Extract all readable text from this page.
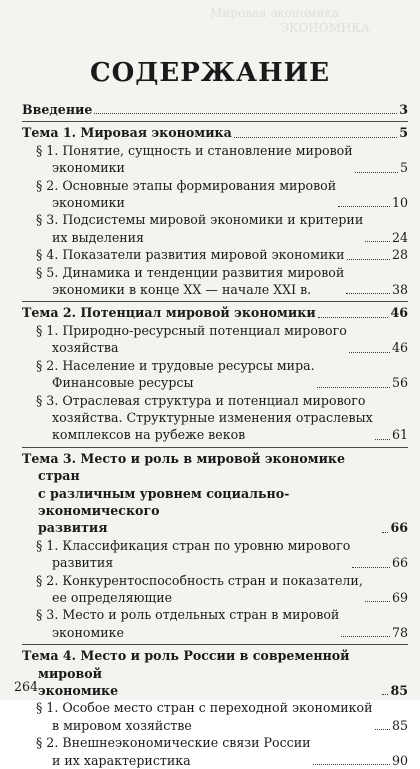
Мировая экономика
ЭКОНОМИКА
СОДЕРЖАНИЕ
Введение	3
Тема 1. Мировая экономика	5
§ 1. Понятие, сущность и становление мировой
экономики	5
§ 2. Основные этапы формирования мировой
экономики	10
§ 3. Подсистемы мировой экономики и критерии
их выделения	24
§ 4. Показатели развития мировой экономики	28
§ 5. Динамика и тенденции развития мировой
экономики в конце XX — начале XXI в.	38
Тема 2. Потенциал мировой экономики	46
§ 1. Природно-ресурсный потенциал мирового
хозяйства	46
§ 2. Население и трудовые ресурсы мира.
Финансовые ресурсы	56
§ 3. Отраслевая структура и потенциал мирового
хозяйства. Структурные изменения отраслевых
комплексов на рубеже веков	61
Тема 3. Место и роль в мировой экономике стран
с различным уровнем социально-экономического
развития	66
§ 1. Классификация стран по уровню мирового
развития	66
§ 2. Конкурентоспособность стран и показатели,
ее определяющие	69
§ 3. Место и роль отдельных стран в мировой
экономике	78
Тема 4. Место и роль России в современной мировой
экономике	85
§ 1. Особое место стран с переходной экономикой
в мировом хозяйстве	85
§ 2. Внешнеэкономические связи России
и их характеристика	90
264
